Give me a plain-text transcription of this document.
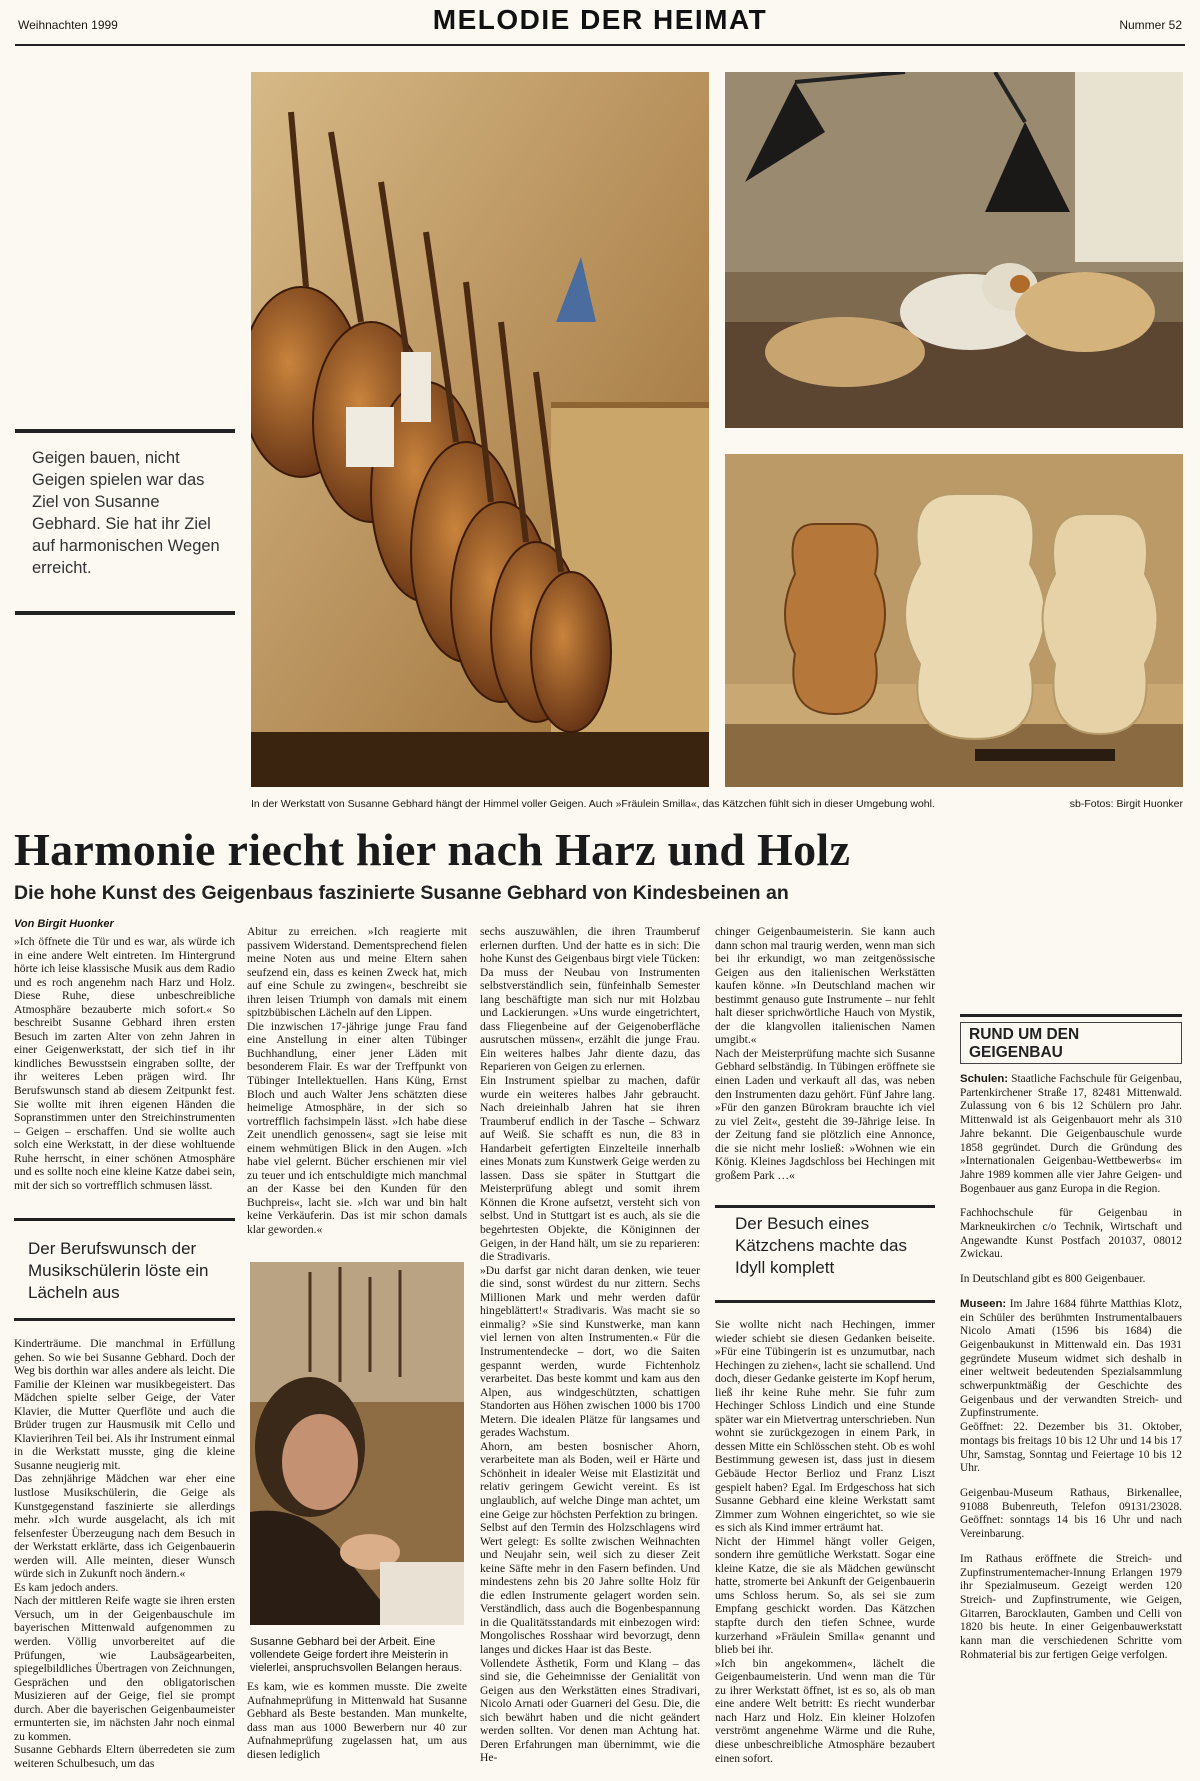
Weihnachten 1999	MELODIE DER HEIMAT	Nummer 52
Geigen bauen, nicht Geigen spielen war das Ziel von Susanne Gebhard. Sie hat ihr Ziel auf harmonischen Wegen erreicht.
In der Werkstatt von Susanne Gebhard hängt der Himmel voller Geigen. Auch »Fräulein Smilla«, das Kätzchen fühlt sich in dieser Umgebung wohl.	sb-Fotos: Birgit Huonker
Harmonie riecht hier nach Harz und Holz
Die hohe Kunst des Geigenbaus faszinierte Susanne Gebhard von Kindesbeinen an
Von Birgit Huonker
»Ich öffnete die Tür und es war, als würde ich in eine andere Welt eintreten. Im Hintergrund hörte ich leise klassische Musik aus dem Radio und es roch angenehm nach Harz und Holz. Diese Ruhe, diese unbeschreibliche Atmosphäre bezauberte mich sofort.« So beschreibt Susanne Gebhard ihren ersten Besuch im zarten Alter von zehn Jahren in einer Geigenwerkstatt, der sich tief in ihr kindliches Bewusstsein eingraben sollte, der ihr weiteres Leben prägen wird. Ihr Berufswunsch stand ab diesem Zeitpunkt fest. Sie wollte mit ihren eigenen Händen die Sopranstimmen unter den Streichinstrumenten – Geigen – erschaffen. Und sie wollte auch solch eine Werkstatt, in der diese wohltuende Ruhe herrscht, in einer schönen Atmosphäre und es sollte noch eine kleine Katze dabei sein, mit der sich so vortrefflich schmusen lässt.
Der Berufswunsch der Musikschülerin löste ein Lächeln aus
Kinderträume. Die manchmal in Erfüllung gehen. So wie bei Susanne Gebhard. Doch der Weg bis dorthin war alles andere als leicht. Die Familie der Kleinen war musikbegeistert. Das Mädchen spielte selber Geige, der Vater Klavier, die Mutter Querflöte und auch die Brüder trugen zur Hausmusik mit Cello und Klavierihren Teil bei. Als ihr Instrument einmal in die Werkstatt musste, ging die kleine Susanne neugierig mit.
Das zehnjährige Mädchen war eher eine lustlose Musikschülerin, die Geige als Kunstgegenstand faszinierte sie allerdings mehr. »Ich wurde ausgelacht, als ich mit felsenfester Überzeugung nach dem Besuch in der Werkstatt erklärte, dass ich Geigenbauerin werden will. Alle meinten, dieser Wunsch würde sich in Zukunft noch ändern.«
Es kam jedoch anders.
Nach der mittleren Reife wagte sie ihren ersten Versuch, um in der Geigenbauschule im bayerischen Mittenwald aufgenommen zu werden. Völlig unvorbereitet auf die Prüfungen, wie Laubsägearbeiten, spiegelbildliches Übertragen von Zeichnungen, Gesprächen und den obligatorischen Musizieren auf der Geige, fiel sie prompt durch. Aber die bayerischen Geigenbaumeister ermunterten sie, im nächsten Jahr noch einmal zu kommen.
Susanne Gebhards Eltern überredeten sie zum weiteren Schulbesuch, um das
Abitur zu erreichen. »Ich reagierte mit passivem Widerstand. Dementsprechend fielen meine Noten aus und meine Eltern sahen seufzend ein, dass es keinen Zweck hat, mich auf eine Schule zu zwingen«, beschreibt sie ihren leisen Triumph von damals mit einem spitzbübischen Lächeln auf den Lippen.
Die inzwischen 17-jährige junge Frau fand eine Anstellung in einer alten Tübinger Buchhandlung, einer jener Läden mit besonderem Flair. Es war der Treffpunkt von Tübinger Intellektuellen. Hans Küng, Ernst Bloch und auch Walter Jens schätzten diese heimelige Atmosphäre, in der sich so vortrefflich fachsimpeln lässt. »Ich habe diese Zeit unendlich genossen«, sagt sie leise mit einem wehmütigen Blick in den Augen. »Ich habe viel gelernt. Bücher erschienen mir viel zu teuer und ich entschuldigte mich manchmal an der Kasse bei den Kunden für den Buchpreis«, lacht sie. »Ich war und bin halt keine Verkäuferin. Das ist mir schon damals klar geworden.«
Susanne Gebhard bei der Arbeit. Eine vollendete Geige fordert ihre Meisterin in vielerlei, anspruchsvollen Belangen heraus.
Es kam, wie es kommen musste. Die zweite Aufnahmeprüfung in Mittenwald hat Susanne Gebhard als Beste bestanden. Man munkelte, dass man aus 1000 Bewerbern nur 40 zur Aufnahmeprüfung zugelassen hat, um aus diesen lediglich
sechs auszuwählen, die ihren Traumberuf erlernen durften. Und der hatte es in sich: Die hohe Kunst des Geigenbaus birgt viele Tücken: Da muss der Neubau von Instrumenten selbstverständlich sein, fünfeinhalb Semester lang beschäftigte man sich nur mit Holzbau und Lackierungen. »Uns wurde eingetrichtert, dass Fliegenbeine auf der Geigenoberfläche ausrutschen müssen«, erzählt die junge Frau. Ein weiteres halbes Jahr diente dazu, das Reparieren von Geigen zu erlernen.
Ein Instrument spielbar zu machen, dafür wurde ein weiteres halbes Jahr gebraucht. Nach dreieinhalb Jahren hat sie ihren Traumberuf endlich in der Tasche – Schwarz auf Weiß. Sie schafft es nun, die 83 in Handarbeit gefertigten Einzelteile innerhalb eines Monats zum Kunstwerk Geige werden zu lassen. Dass sie später in Stuttgart die Meisterprüfung ablegt und somit ihrem Können die Krone aufsetzt, versteht sich von selbst. Und in Stuttgart ist es auch, als sie die begehrtesten Objekte, die Königinnen der Geigen, in der Hand hält, um sie zu reparieren: die Stradivaris.
»Du darfst gar nicht daran denken, wie teuer die sind, sonst würdest du nur zittern. Sechs Millionen Mark und mehr werden dafür hingeblättert!« Stradivaris. Was macht sie so einmalig? »Sie sind Kunstwerke, man kann viel lernen von alten Instrumenten.« Für die Instrumentendecke – dort, wo die Saiten gespannt werden, wurde Fichtenholz verarbeitet. Das beste kommt und kam aus den Alpen, aus windgeschützten, schattigen Standorten aus Höhen zwischen 1000 bis 1700 Metern. Die idealen Plätze für langsames und gerades Wachstum.
Ahorn, am besten bosnischer Ahorn, verarbeitete man als Boden, weil er Härte und Schönheit in idealer Weise mit Elastizität und relativ geringem Gewicht vereint. Es ist unglaublich, auf welche Dinge man achtet, um eine Geige zur höchsten Perfektion zu bringen.
Selbst auf den Termin des Holzschlagens wird Wert gelegt: Es sollte zwischen Weihnachten und Neujahr sein, weil sich zu dieser Zeit keine Säfte mehr in den Fasern befinden. Und mindestens zehn bis 20 Jahre sollte Holz für die edlen Instrumente gelagert worden sein. Verständlich, dass auch die Bogenbespannung in die Qualitätsstandards mit einbezogen wird: Mongolisches Rosshaar wird bevorzugt, denn langes und dickes Haar ist das Beste.
Vollendete Ästhetik, Form und Klang – das sind sie, die Geheimnisse der Genialität von Geigen aus den Werkstätten eines Stradivari, Nicolo Arnati oder Guarneri del Gesu. Die, die sich bewährt haben und die nicht geändert werden sollten. Vor denen man Achtung hat. Deren Erfahrungen man übernimmt, wie die He-
chinger Geigenbaumeisterin. Sie kann auch dann schon mal traurig werden, wenn man sich bei ihr erkundigt, wo man zeitgenössische Geigen aus den italienischen Werkstätten kaufen könne. »In Deutschland machen wir bestimmt genauso gute Instrumente – nur fehlt halt dieser sprichwörtliche Hauch von Mystik, der die klangvollen italienischen Namen umgibt.«
Nach der Meisterprüfung machte sich Susanne Gebhard selbständig. In Tübingen eröffnete sie einen Laden und verkauft all das, was neben den Instrumenten dazu gehört. Fünf Jahre lang. »Für den ganzen Bürokram brauchte ich viel zu viel Zeit«, gesteht die 39-Jährige leise. In der Zeitung fand sie plötzlich eine Annonce, die sie nicht mehr losließ: »Wohnen wie ein König. Kleines Jagdschloss bei Hechingen mit großem Park …«
Der Besuch eines Kätzchens machte das Idyll komplett
Sie wollte nicht nach Hechingen, immer wieder schiebt sie diesen Gedanken beiseite. »Für eine Tübingerin ist es unzumutbar, nach Hechingen zu ziehen«, lacht sie schallend. Und doch, dieser Gedanke geisterte im Kopf herum, ließ ihr keine Ruhe mehr. Sie fuhr zum Hechinger Schloss Lindich und eine Stunde später war ein Mietvertrag unterschrieben. Nun wohnt sie zurückgezogen in einem Park, in dessen Mitte ein Schlösschen steht. Ob es wohl Bestimmung gewesen ist, dass just in diesem Gebäude Hector Berlioz und Franz Liszt gespielt haben? Egal. Im Erdgeschoss hat sich Susanne Gebhard eine kleine Werkstatt samt Zimmer zum Wohnen eingerichtet, so wie sie es sich als Kind immer erträumt hat.
Nicht der Himmel hängt voller Geigen, sondern ihre gemütliche Werkstatt. Sogar eine kleine Katze, die sie als Mädchen gewünscht hatte, stromerte bei Ankunft der Geigenbauerin ums Schloss herum. So, als sei sie zum Empfang geschickt worden. Das Kätzchen stapfte durch den tiefen Schnee, wurde kurzerhand »Fräulein Smilla« genannt und blieb bei ihr.
»Ich bin angekommen«, lächelt die Geigenbaumeisterin. Und wenn man die Tür zu ihrer Werkstatt öffnet, ist es so, als ob man eine andere Welt betritt: Es riecht wunderbar nach Harz und Holz. Ein kleiner Holzofen verströmt angenehme Wärme und die Ruhe, diese unbeschreibliche Atmosphäre bezaubert einen sofort.
RUND UM DEN GEIGENBAU

Schulen: Staatliche Fachschule für Geigenbau, Partenkirchener Straße 17, 82481 Mittenwald. Zulassung von 6 bis 12 Schülern pro Jahr. Mittenwald ist als Geigenbauort mehr als 310 Jahre bekannt. Die Geigenbauschule wurde 1858 gegründet. Durch die Gründung des »Internationalen Geigenbau-Wettbewerbs« im Jahre 1989 kommen alle vier Jahre Geigen- und Bogenbauer aus ganz Europa in die Region.

Fachhochschule für Geigenbau in Markneukirchen c/o Technik, Wirtschaft und Angewandte Kunst Postfach 201037, 08012 Zwickau.

In Deutschland gibt es 800 Geigenbauer.

Museen: Im Jahre 1684 führte Matthias Klotz, ein Schüler des berühmten Instrumentalbauers Nicolo Amati (1596 bis 1684) die Geigenbaukunst in Mittenwald ein. Das 1931 gegründete Museum widmet sich deshalb in einer weltweit bedeutenden Spezialsammlung schwerpunktmäßig der Geschichte des Geigenbaus und der verwandten Streich- und Zupfinstrumente.
Geöffnet: 22. Dezember bis 31. Oktober, montags bis freitags 10 bis 12 Uhr und 14 bis 17 Uhr, Samstag, Sonntag und Feiertage 10 bis 12 Uhr.

Geigenbau-Museum Rathaus, Birkenallee, 91088 Bubenreuth, Telefon 09131/23028. Geöffnet: sonntags 14 bis 16 Uhr und nach Vereinbarung.

Im Rathaus eröffnete die Streich- und Zupfinstrumentemacher-Innung Erlangen 1979 ihr Spezialmuseum. Gezeigt werden 120 Streich- und Zupfinstrumente, wie Geigen, Gitarren, Barocklauten, Gamben und Celli von 1820 bis heute. In einer Geigenbauwerkstatt kann man die verschiedenen Schritte vom Rohmaterial bis zur fertigen Geige verfolgen.
